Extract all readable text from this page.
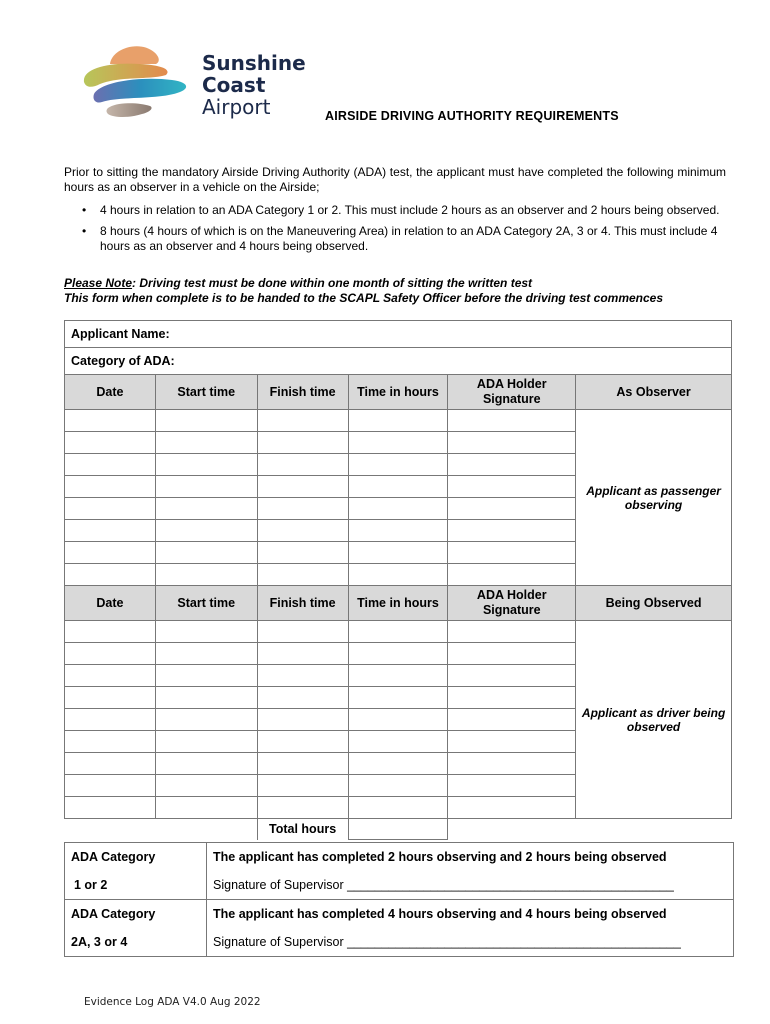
Sunshine
Coast
Airport	AIRSIDE DRIVING AUTHORITY REQUIREMENTS
Prior to sitting the mandatory Airside Driving Authority (ADA) test, the applicant must have completed the following minimum hours as an observer in a vehicle on the Airside;
• 4 hours in relation to an ADA Category 1 or 2. This must include 2 hours as an observer and 2 hours being observed.
• 8 hours (4 hours of which is on the Maneuvering Area) in relation to an ADA Category 2A, 3 or 4. This must include 4 hours as an observer and 4 hours being observed.
Please Note: Driving test must be done within one month of sitting the written test
This form when complete is to be handed to the SCAPL Safety Officer before the driving test commences
Applicant Name:					
Category of ADA:					
Date	Start time	Finish time	Time in hours	ADA Holder Signature	As Observer
					Applicant as passenger observing

Date	Start time	Finish time	Time in hours	ADA Holder Signature	Being Observed
					Applicant as driver being observed

		Total hours			
ADA Category	The applicant has completed 2 hours observing and 2 hours being observed
1 or 2	Signature of Supervisor _______________________________________________
ADA Category	The applicant has completed 4 hours observing and 4 hours being observed
2A, 3 or 4	Signature of Supervisor ________________________________________________
Evidence Log ADA V4.0 Aug 2022
